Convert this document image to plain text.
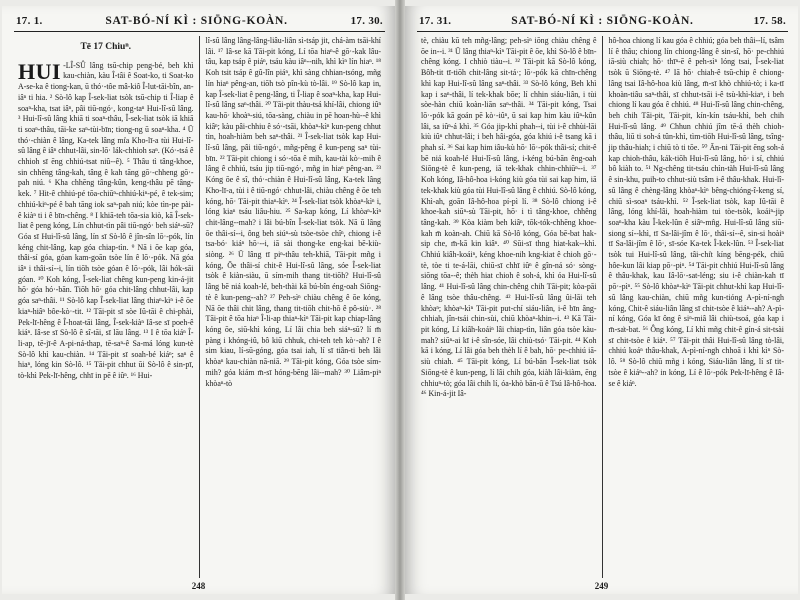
17. 1.	SAT-BÓ-NÍ KÌ : SIŌNG-KOÀN.	17. 30.
Tē 17 Chiuⁿ.

HUI -LÎ-SÛ lâng tsū-chip peng-bé, beh khì kau-chiàn, kàu Î-tâi ê Soat-ko, ti Soat-ko A-se-ka ê tiong-kan, ū thó·-tôe mâ-kiô Î-lut-tāi-bîn, an-iâⁿ ti hia. ² Sò-lô kap Î-sek-liat tsòk tsū-chip ti Î-liap ê soaⁿ-kha, tsat iâⁿ, pâi tiū-ngó·, kong-taⁿ Hui-lî-sû lâng. ³ Hui-lî-sû lâng khiā ti soaⁿ-thâu, Î-sek-liat tsòk iā khiā ti soaⁿ-thâu, tāi-ke saⁿ-tùi-bīn; tiong-ng ū soaⁿ-kha. ⁴ Ū thó·-chiàn ê lâng, Ka-tek lâng mi̍a Kho-lī-a tùi Hui-lî-sû lâng ê iâⁿ chhut-lâi, sin-lō· lák-chhioh saⁿ. (Kó·-tsá ê chhioh sī ēng chhiú-tsat niû--ê). ⁵ Thâu tì tâng-khoe, sin chhēng tâng-kah, tâng ê kah tāng gō·-chheng gō·-pah niú. ⁶ Kha chhēng tâng-kûn, keng-thâu pē tâng-kek. ⁷ Hit-ê chhiú-pé tōa-chiūⁿ-chhiú-kiⁿ-pé, ê tek-sim; chhiú-kiⁿ-pé ê bah tāng iok saⁿ-pah niú; kòe tìn-pe pài-ê kiàⁿ ti i ê bīn-chêng. ⁸ I khiā-teh tōa-sia kiò, kā Î-sek-liat ê peng kóng, Lín chhut-tìn pâi tiū-ngó· beh siáⁿ-sū? Góa sī Hui-lî-sû lâng, lín sī Sò-lô ê jîn-sîn lō·-pók, lín kéng chit-lâng, kap góa chiap-tìn. ⁹ Nā i ōe kap góa, thâi-sí góa, góan kam-goān tsòe lín ê lō·-pók. Nā góa iâⁿ i thâi-sí--i, lín tiōh tsòe góan ê lō·-pók, lâi hók-sāi góan. ¹⁰ Koh kóng, Î-sek-liat chêng kun-peng kin-á-jit hō· góa hó·-bān. Tiōh hō· góa chit-lâng chhut-lâi, kap góa saⁿ-thâi. ¹¹ Sò-lô kap Î-sek-liat lâng thiaⁿ-kìⁿ i-ê ōe kiaⁿ-hiâⁿ bôe-kò·-tit. ¹² Tāi-pit sī sòe Iû-tāi ê chi-phài, Pek-lī-hêng ê Î-hoat-tāi lâng, Î-sek-kiàⁿ Iâ-se sī poeh-ê kiáⁿ. Iâ-se sī Sò-lô ê sî-tāi, sī lāu lâng. ¹³ I ê tōa kiáⁿ Î-li-ap, tē-jī-ê A-pi-ná-thap, tē-saⁿ-ê Sa-má lóng kun-tè Sò-lô khì kau-chiàn. ¹⁴ Tāi-pit sī soah-bé kiáⁿ; saⁿ ê hiaⁿ, lóng kin Sò-lô. ¹⁵ Tāi-pit chhut ūi Sò-lô ê sin-pī, tò-khì Pek-lī-hêng, chhī in pē ê iûⁿ. ¹⁶ Hui-

lî-sû lâng lâng-lâng-liâu-liân sì-tsáp jit, chá-àm tsāi-khí lâi. ¹⁷ Iâ-se kā Tāi-pit kóng, Lí tōa hiaⁿ-ê gō·-kak lâu-tâu, kap tsáp ê piáⁿ, tsáu kàu iâⁿ--nih, khì kìⁿ lín hiaⁿ. ¹⁸ Koh tsit tsáp ê gû-lîn piáⁿ, khì sàng chhian-tsóng, mñg lín hiaⁿ pêng-an, tiōh tsò pîn-kù tò-lâi. ¹⁹ Sò-lô kap in, kap Î-sek-liat ê peng-lâng, ti Î-liap ê soaⁿ-kha, kap Hui-lî-sû lâng saⁿ-thâi. ²⁰ Tāi-pit thàu-tsá khí-lâi, chiong iûⁿ kau-hō· khoàⁿ-siú, tōa-sàng, chiàu in pē hoan-hù--ê khì kiâⁿ; kàu pâi-chhiu ê só·-tsāi, khòaⁿ-kìⁿ kun-peng chhut tìn, hoah-hiàm beh saⁿ-thâi. ²¹ Î-sek-liat tsòk kap Hui-lî-sû lâng, pâi tiū-ngó·, mñg-pêng ê kun-peng saⁿ tùi-bīn. ²² Tāi-pit chiong i só·-tōa ê mih, kau-tài kò·-mih ê lâng ê chhiú, tsáu jip tiū-ngó·, mñg in hiaⁿ pêng-an. ²³ Kóng ōe ê sî, thó·-chiàn ê Hui-lî-sû lâng, Ka-tek lâng Kho-lī-a, tùi i ê tiū-ngó· chhut-lâi, chiàu chêng ê ōe teh kóng, hō· Tāi-pit thiaⁿ-kìⁿ. ²⁴ Î-sek-liat tsòk khòaⁿ-kìⁿ i, lóng kiaⁿ tsáu liâu-hiu. ²⁵ Sa-kap kóng, Lí khòaⁿ-kìⁿ chit-lâng--mah? i lâi bú-bîn Î-sek-liat tsòk. Nā ū lâng ōe thâi-sí--i, ông beh siúⁿ-sù tsòe-tsòe chîⁿ, chiong i-ê tsa-bó· kiáⁿ hō·--i, iā sài thong-ke eng-kai bē-kiù-siòng. ²⁶ Ū lâng tī piⁿ-thâu teh-khiā, Tāi-pit mñg i kóng, Ōe thâi-sí chit-ê Hui-lî-sû lâng, sóe Î-sek-liat tsòk ê kiàn-siàu, ū sím-mih thang tit-tiōh? Hui-lî-sû lâng bē niá koah-lé, beh-thài kā bú-bîn éng-oah Siōng-tè ê kun-peng--ah? ²⁷ Peh-sìⁿ chiàu chêng ê ōe kóng, Nā ōe thâi chit lâng, thang tit-tiōh chit-hō ê pô-siù·. ²⁸ Tāi-pit ê tōa hiaⁿ Î-li-ap thiaⁿ-kìⁿ Tāi-pit kap chiap-lâng kóng ōe, siū-khì kóng, Lí lâi chia beh siáⁿ-sū? lí m̄ pàng i khóng-iû, bô kiū chhuk, chi-teh teh kò·-ah? I ê sim kiau, lí-sū-góng, góa tsai iah, lí sī tiân-ti beh lâi khòaⁿ kau-chiàn nā-niā. ²⁹ Tāi-pit kóng, Góa tsòe sím-mih? góa kiám m̄-sī hóng-bēng lâi--mah? ³⁰ Liâm-piⁿ khòaⁿ-tò

248
17. 31.	SAT-BÓ-NÍ KÌ : SIŌNG-KOÀN.	17. 58.

tè, chiàu kū teh mñg-lâng; peh-sìⁿ iōng chiàu chêng ê ōe in--i. ³¹ Ū lâng thiaⁿ-kìⁿ Tāi-pit ê ōe, khì Sò-lô ê bīn-chêng kóng. I chhiò tiàu--i. ³² Tāi-pit kā Sò-lô kóng, Bôh-tit tī-tiōh chit-lâng sit-tá·; lō·-pók kā chīn-chêng khì kap Hui-lî-sû lâng saⁿ-thâi. ³³ Sò-lô kóng, Beh khì kap i saⁿ-thâi, lí tek-khak bōe; lí chhin siáu-liân, i tùi sòe-hàn chiū koàn-liān saⁿ-thâi. ³⁴ Tāi-pit kóng, Tsai lō·-pók kā goán pē kò·-iûⁿ, ū sai kap him kàu iûⁿ-kûn lâi, sa iûⁿ-á khì. ³⁵ Góa jip-khì phah--i, tùi i-ê chhùi-lāi kiù iûⁿ chhut-lâi; i beh hâi-góa, góa khiú i-ê tsang kā i phah sí. ³⁶ Sai kap him iâu-kù hō· lō·-pók thâi-sí; chit-ê bē niá koah-lé Hui-lî-sû lâng, i-kéng bú-bān êng-oah Siōng-tè ê kun-peng, iā tek-khak chhin-chhiūⁿ--i. ³⁷ Koh kóng, Iâ-hô-hoa i-kóng kiù góa tùi sai kap him, iā tek-khak kiù góa tùi Hui-lî-sû lâng ê chhiú. Sò-lô kóng, Khì-ah, goān Iâ-hô-hoa pí-pì lí. ³⁸ Sò-lô chiong i-ê khoe-kah siūⁿ-sù Tāi-pit, hō· i tì tâng-khoe, chhêng tâng-kah. ³⁹ Kòa kiàm beh kiâⁿ, tōk-tók-chhēng khoe-kah m̄ koàn-ah. Chiū kā Sò-lô kóng, Góa bē-bat hak-sip che, m̄-kā kin kiâⁿ. ⁴⁰ Sūi-sī thng hiat-kak--khì. Chhiú kiâh-koáiⁿ, kéng khoe-nih kng-kiat ê chioh gō·-tè, tòe ti te-á-lāi, chiū-sī chhī iûⁿ ê gîn-ná só· sòng-siōng tōa--ê; thèh hiat chioh ê soh-á, khì óa Hui-lî-sû lâng. ⁴¹ Hui-lî-sû lâng chin-chêng chih Tāi-pit; kòa-pāi ê lâng tsòe thâu-chêng. ⁴² Hui-lî-sû lâng ûi-lāi teh khòaⁿ; khòaⁿ-kìⁿ Tāi-pit put-chí siáu-liân, i-ê bīn âng-chhiah, jîn-tsái chin-sùi, chiū khòaⁿ-khin--i. ⁴³ Kā Tāi-pit kóng, Lí kiâh-koáiⁿ lâi chiap-tìn, liân góa tsòe kàu-mah? siūⁿ-ai kī i-ê sîn-sóe, lâi chiù-tsó· Tāi-pit. ⁴⁴ Koh kā i kóng, Lí lâi góa beh thèh lí ê bah, hō· pe-chhiú iā-siù chiah. ⁴⁵ Tāi-pit kóng, Lí bú-bān Î-sek-liat tsòk Siōng-tè ê kun-peng, lí lâi chih góa, kiàh lâi-kiàm, ēng chhiuⁿ-tò; góa lâi chih lí, óa-khò bān-ū ê Tsú Iâ-hô-hoa. ⁴⁶ Kin-á-jit Iâ-

hô-hoa chiong lí kau góa ê chhiú; góa beh thâi--lí, tsâm lí ê thâu; chiong lín chiong-lâng ê sin-sî, hō· pe-chhiú iā-siù chiah; hō· thīⁿ-ē ê peh-sìⁿ lóng tsai, Î-sek-liat tsòk ū Siōng-tè. ⁴⁷ Iā hō· chiah-ê tsū-chip ê chiong-lâng tsai Iâ-hô-hoa kiù lâng, m̄-sī khò chhiú-tò; i ka-tī khoàn-tiâu saⁿ-thâi, sī chhut-tsāi i-ê tsù-khì-kiaⁿ, i beh chiong lí kau góa ê chhiú. ⁴⁸ Hui-lî-sû lâng chin-chêng, beh chih Tāi-pit, Tāi-pit, kín-kín tsáu-khì, beh chih Hui-lî-sû lâng. ⁴⁹ Chhun chhiú jîm tē-á thèh chioh-thâu, liū ti soh-á tûn-khì, tìm-tiōh Hui-lî-sû lâng, tsîng-jip thâu-hiah; i chiū tò ti tōe. ⁵⁰ Ān-ni Tāi-pit ēng soh-á kap chioh-thâu, kák-tiōh Hui-lî-sû lâng, hō· i sí, chhiú bô kiàh to. ⁵¹ Ng-chêng tit-tsáu chìn-tàh Hui-lî-sû lâng ê sin-khu, puih-to chhut-siù tsâm i-ê thâu-khak. Hui-lî-sû lâng ê chèng-lâng khòaⁿ-kìⁿ bêng-chióng-î-keng sí, chiū sì-soaⁿ tsáu-khì. ⁵² Î-sek-liat tsòk, kap Iû-tāi ê lâng, lóng khí-lâi, hoah-hiàm tui tòe-tsòk, koáiⁿ-jip soaⁿ-kha kàu Î-kek-lûn ê siâⁿ-mn̂g. Hui-lî-sû lâng siū-siong sí--khì, tī Sa-lâi-jîm ê lō·, thâi-sí--ê, sin-si hoàiⁿ tī Sa-lâi-jîm ê lō·, sī-sóe Ka-tek Î-kek-lûn. ⁵³ Î-sek-liat tsòk tui Hui-lî-sû lâng, tâi-chi̍t kíng bēng-pék, chiū hôe-kun lâi kiap pō·-piⁿ. ⁵⁴ Tāi-pit chhiú Hui-lî-sû lâng ê thâu-khak, kau Iâ-lō·-sat-léng; siu i-ê chiàn-kah tī pō·-pìⁿ. ⁵⁵ Sò-lô khòaⁿ-kìⁿ Tāi-pit chhut-khì kap Hui-lî-sû lâng kau-chiàn, chiū mñg kun-tióng A-pì-ní-ngh kóng, Chit-ê siáu-liân lâng sī chit-tsòe ê kiáⁿ--ah? A-pì-ní kóng, Góa kī ông ê siⁿ-miâ lâi chiù-tsoá, góa kap i m̄-sa̍t-bat. ⁵⁶ Ông kóng, Lí khì mñg chit-ê gín-á sit-tsài sī chit-tsòe ê kiáⁿ. ⁵⁷ Tāi-pit thâi Hui-lî-sû lâng tò-lâi, chhiú koáⁿ thâu-khak, A-pì-ní-ngh chhoā i khì kìⁿ Sò-lô. ⁵⁸ Sò-lô chiū mñg i kóng, Siáu-liân lâng, lí sī tit-tsòe ê kiáⁿ--ah? in kóng, Lí ê lō·-pók Pek-lī-hêng ê Iâ-se ê kiáⁿ.

249
